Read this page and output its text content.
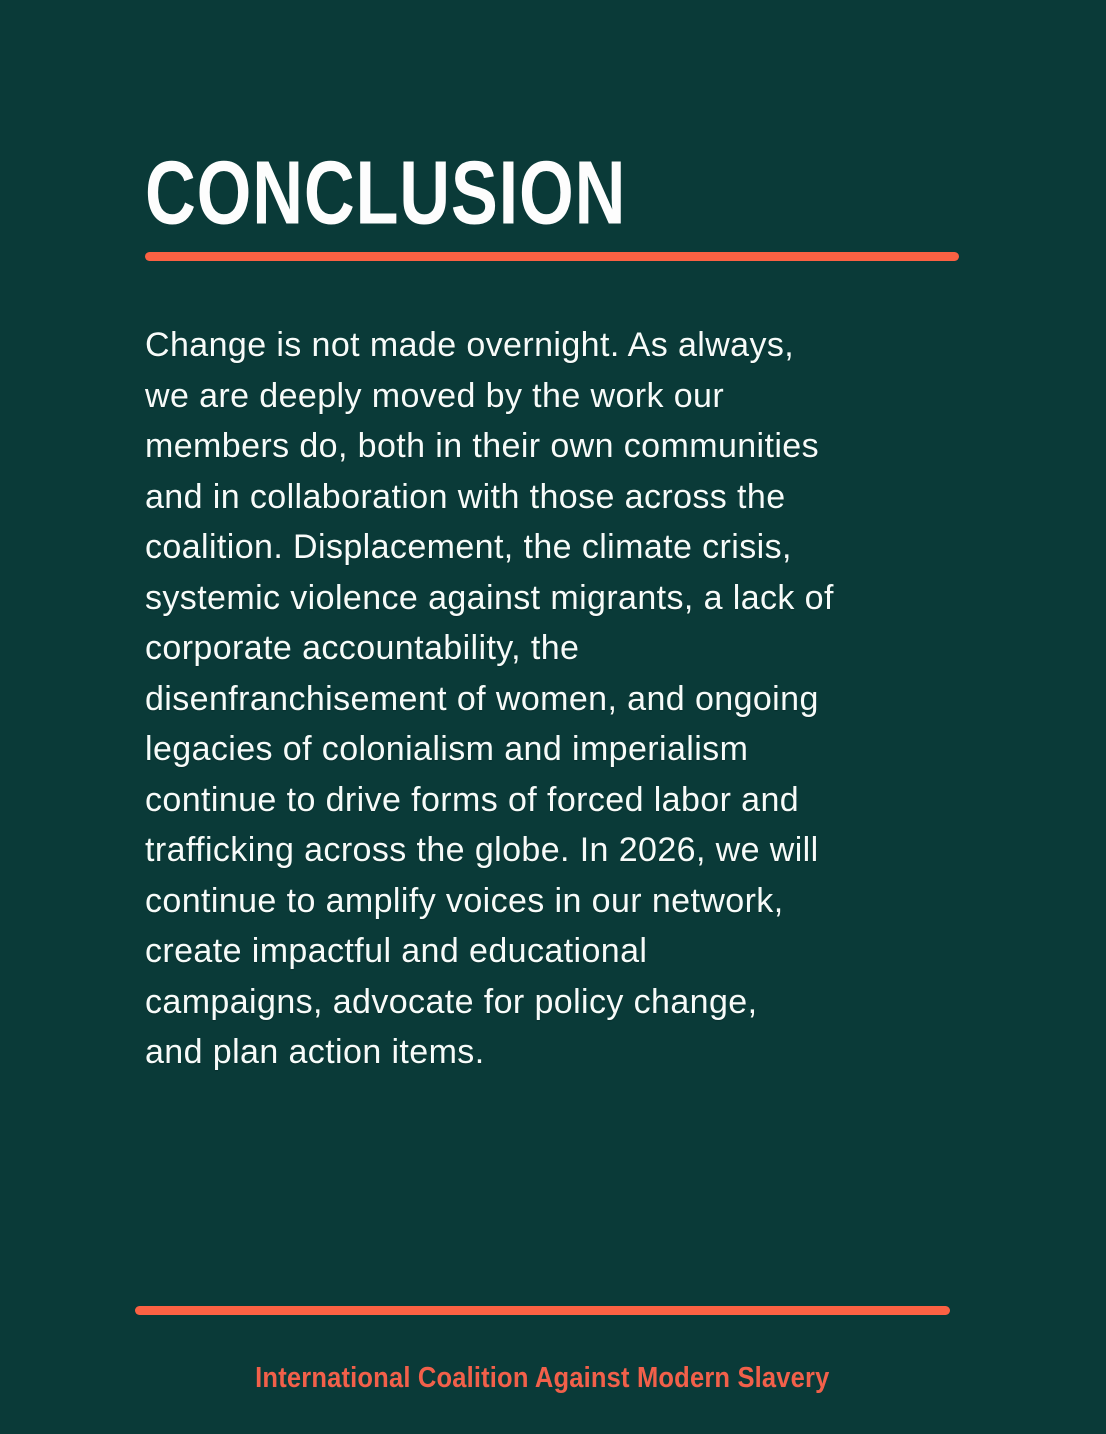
CONCLUSION
Change is not made overnight. As always,
we are deeply moved by the work our
members do, both in their own communities
and in collaboration with those across the
coalition. Displacement, the climate crisis,
systemic violence against migrants, a lack of
corporate accountability, the
disenfranchisement of women, and ongoing
legacies of colonialism and imperialism
continue to drive forms of forced labor and
trafficking across the globe. In 2026, we will
continue to amplify voices in our network,
create impactful and educational
campaigns, advocate for policy change,
and plan action items.
International Coalition Against Modern Slavery
